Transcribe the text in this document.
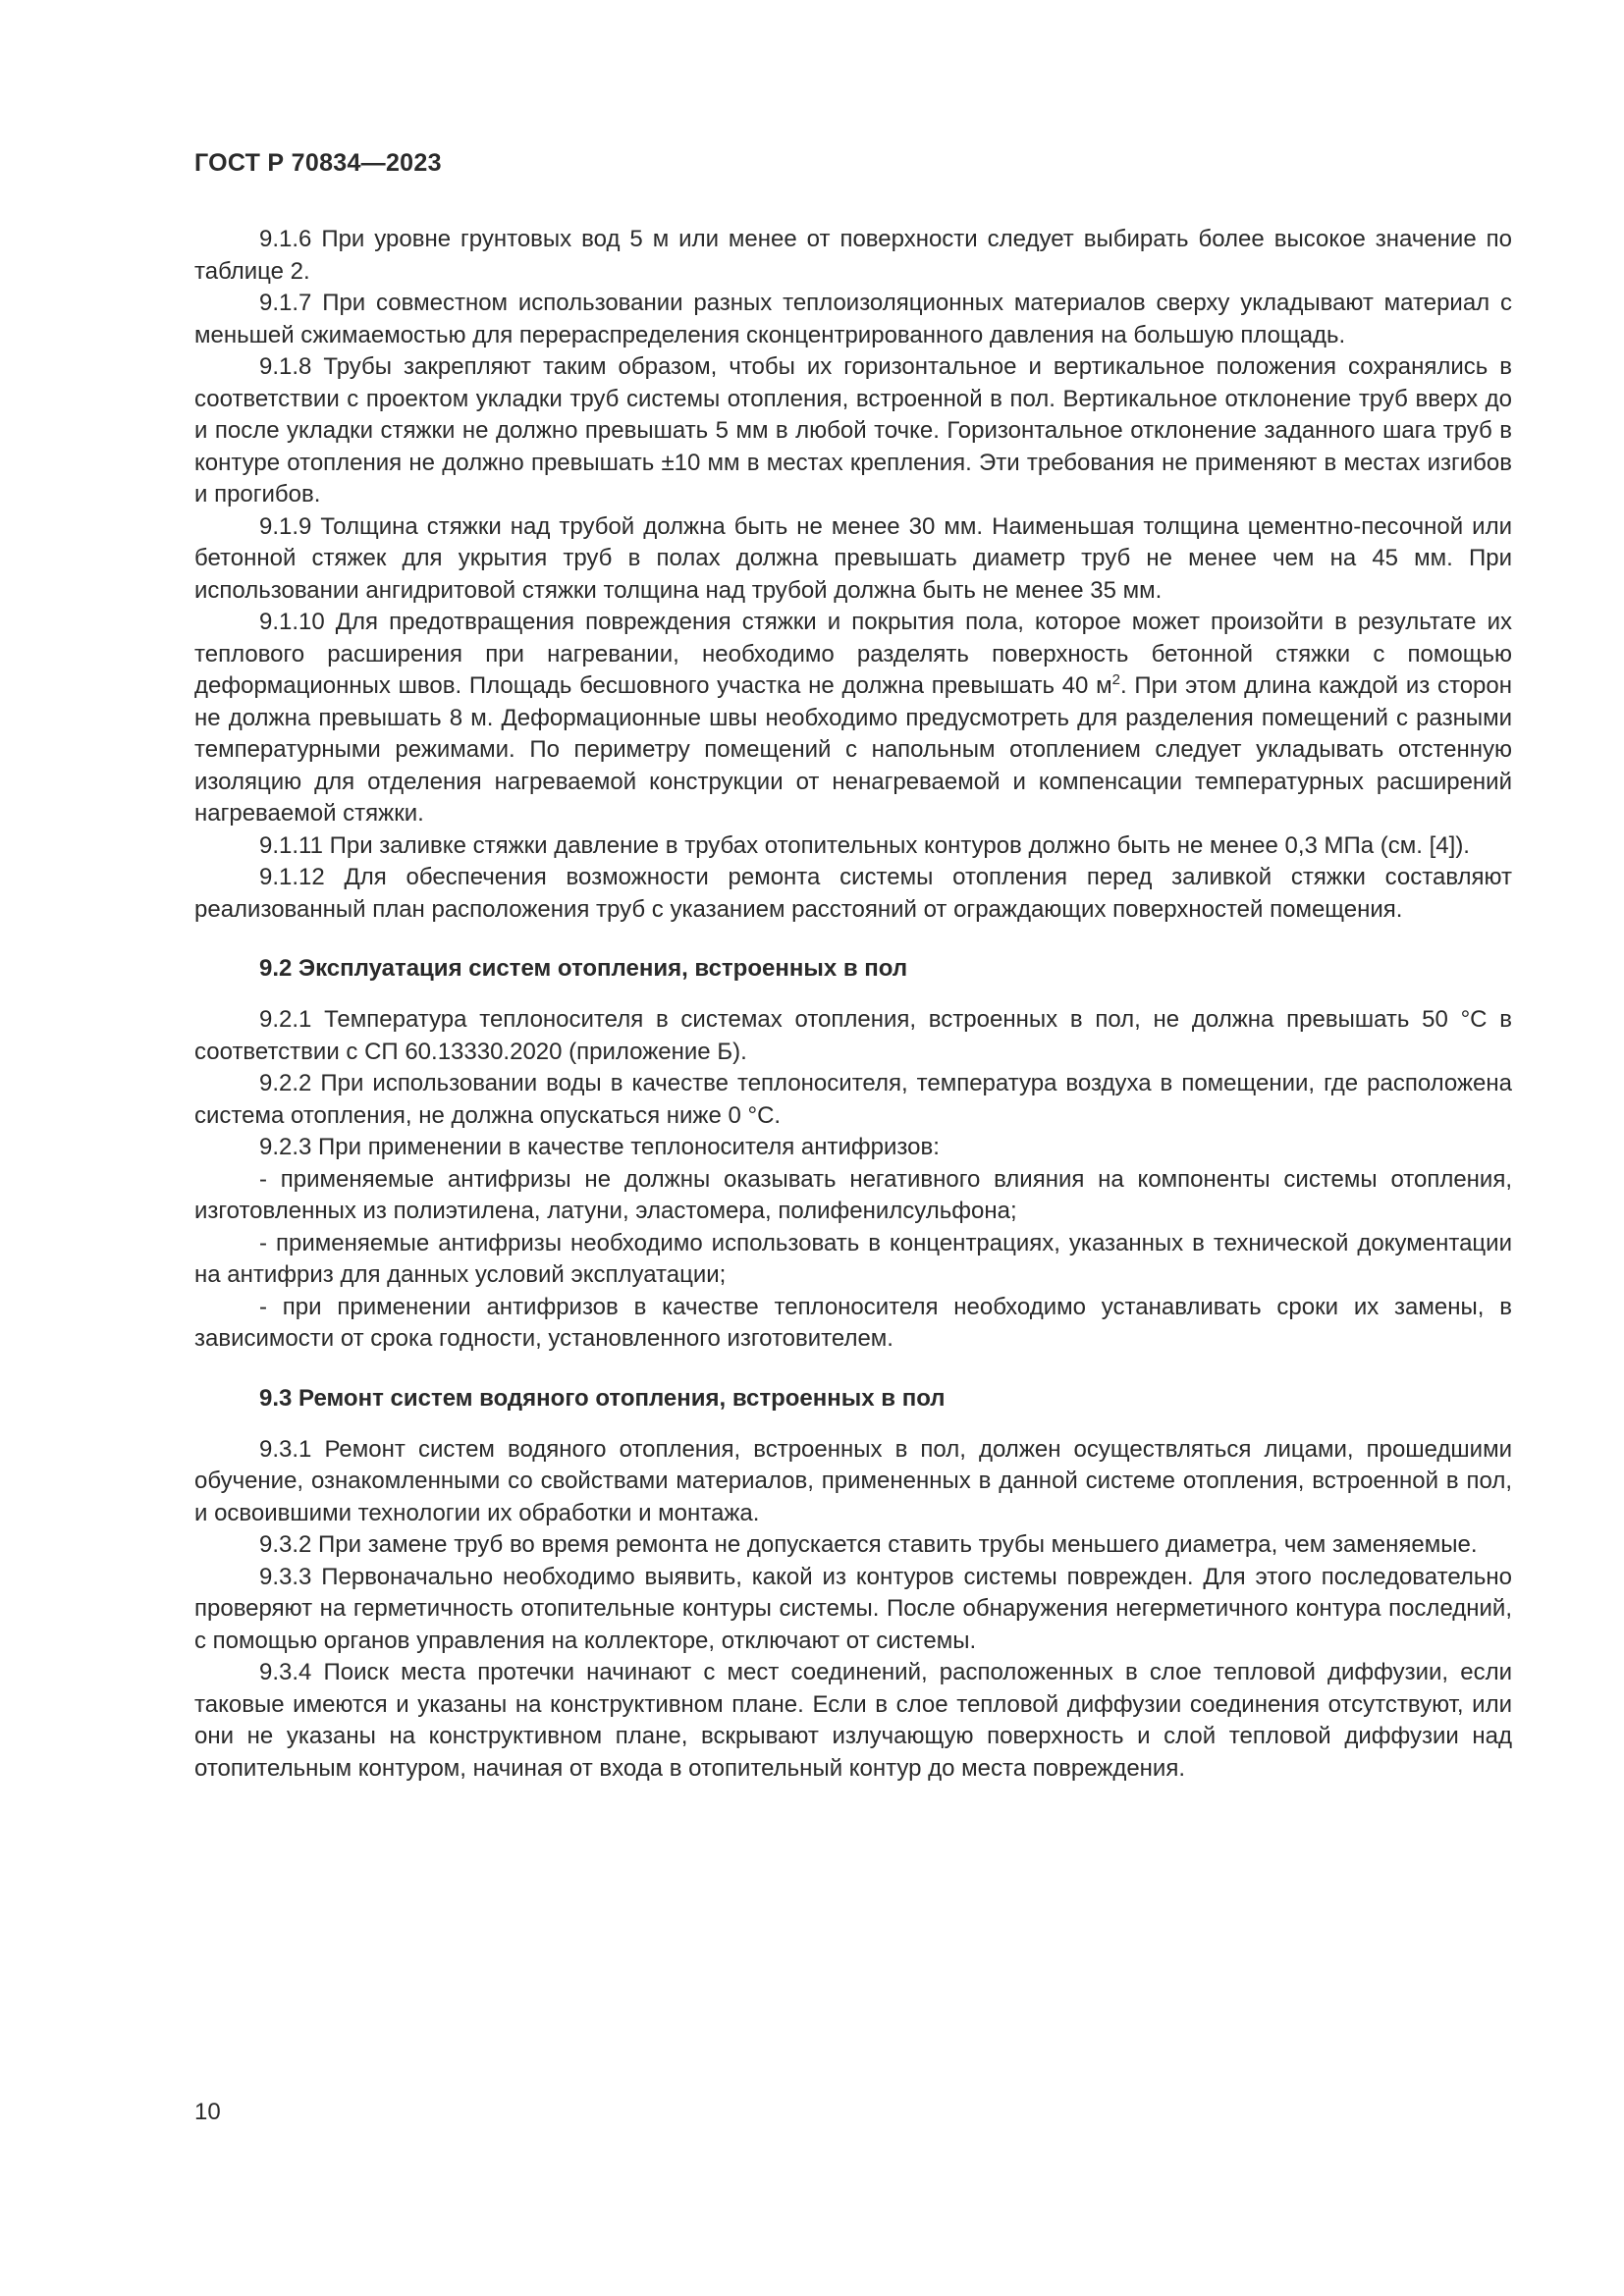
ГОСТ Р 70834—2023

9.1.6 При уровне грунтовых вод 5 м или менее от поверхности следует выбирать более высокое значение по таблице 2.

9.1.7 При совместном использовании разных теплоизоляционных материалов сверху укладывают материал с меньшей сжимаемостью для перераспределения сконцентрированного давления на большую площадь.

9.1.8 Трубы закрепляют таким образом, чтобы их горизонтальное и вертикальное положения сохранялись в соответствии с проектом укладки труб системы отопления, встроенной в пол. Вертикальное отклонение труб вверх до и после укладки стяжки не должно превышать 5 мм в любой точке. Горизонтальное отклонение заданного шага труб в контуре отопления не должно превышать ±10 мм в местах крепления. Эти требования не применяют в местах изгибов и прогибов.

9.1.9 Толщина стяжки над трубой должна быть не менее 30 мм. Наименьшая толщина цементно-песочной или бетонной стяжек для укрытия труб в полах должна превышать диаметр труб не менее чем на 45 мм. При использовании ангидритовой стяжки толщина над трубой должна быть не менее 35 мм.

9.1.10 Для предотвращения повреждения стяжки и покрытия пола, которое может произойти в результате их теплового расширения при нагревании, необходимо разделять поверхность бетонной стяжки с помощью деформационных швов. Площадь бесшовного участка не должна превышать 40 $м^2$. При этом длина каждой из сторон не должна превышать 8 м. Деформационные швы необходимо предусмотреть для разделения помещений с разными температурными режимами. По периметру помещений с напольным отоплением следует укладывать отстенную изоляцию для отделения нагреваемой конструкции от ненагреваемой и компенсации температурных расширений нагреваемой стяжки.

9.1.11 При заливке стяжки давление в трубах отопительных контуров должно быть не менее 0,3 МПа (см. [4]).

9.1.12 Для обеспечения возможности ремонта системы отопления перед заливкой стяжки составляют реализованный план расположения труб с указанием расстояний от ограждающих поверхностей помещения.

9.2 Эксплуатация систем отопления, встроенных в пол

9.2.1 Температура теплоносителя в системах отопления, встроенных в пол, не должна превышать 50 °С в соответствии с СП 60.13330.2020 (приложение Б).

9.2.2 При использовании воды в качестве теплоносителя, температура воздуха в помещении, где расположена система отопления, не должна опускаться ниже 0 °С.

9.2.3 При применении в качестве теплоносителя антифризов:

- применяемые антифризы не должны оказывать негативного влияния на компоненты системы отопления, изготовленных из полиэтилена, латуни, эластомера, полифенилсульфона;

- применяемые антифризы необходимо использовать в концентрациях, указанных в технической документации на антифриз для данных условий эксплуатации;

- при применении антифризов в качестве теплоносителя необходимо устанавливать сроки их замены, в зависимости от срока годности, установленного изготовителем.

9.3 Ремонт систем водяного отопления, встроенных в пол

9.3.1 Ремонт систем водяного отопления, встроенных в пол, должен осуществляться лицами, прошедшими обучение, ознакомленными со свойствами материалов, примененных в данной системе отопления, встроенной в пол, и освоившими технологии их обработки и монтажа.

9.3.2 При замене труб во время ремонта не допускается ставить трубы меньшего диаметра, чем заменяемые.

9.3.3 Первоначально необходимо выявить, какой из контуров системы поврежден. Для этого последовательно проверяют на герметичность отопительные контуры системы. После обнаружения негерметичного контура последний, с помощью органов управления на коллекторе, отключают от системы.

9.3.4 Поиск места протечки начинают с мест соединений, расположенных в слое тепловой диффузии, если таковые имеются и указаны на конструктивном плане. Если в слое тепловой диффузии соединения отсутствуют, или они не указаны на конструктивном плане, вскрывают излучающую поверхность и слой тепловой диффузии над отопительным контуром, начиная от входа в отопительный контур до места повреждения.

10
